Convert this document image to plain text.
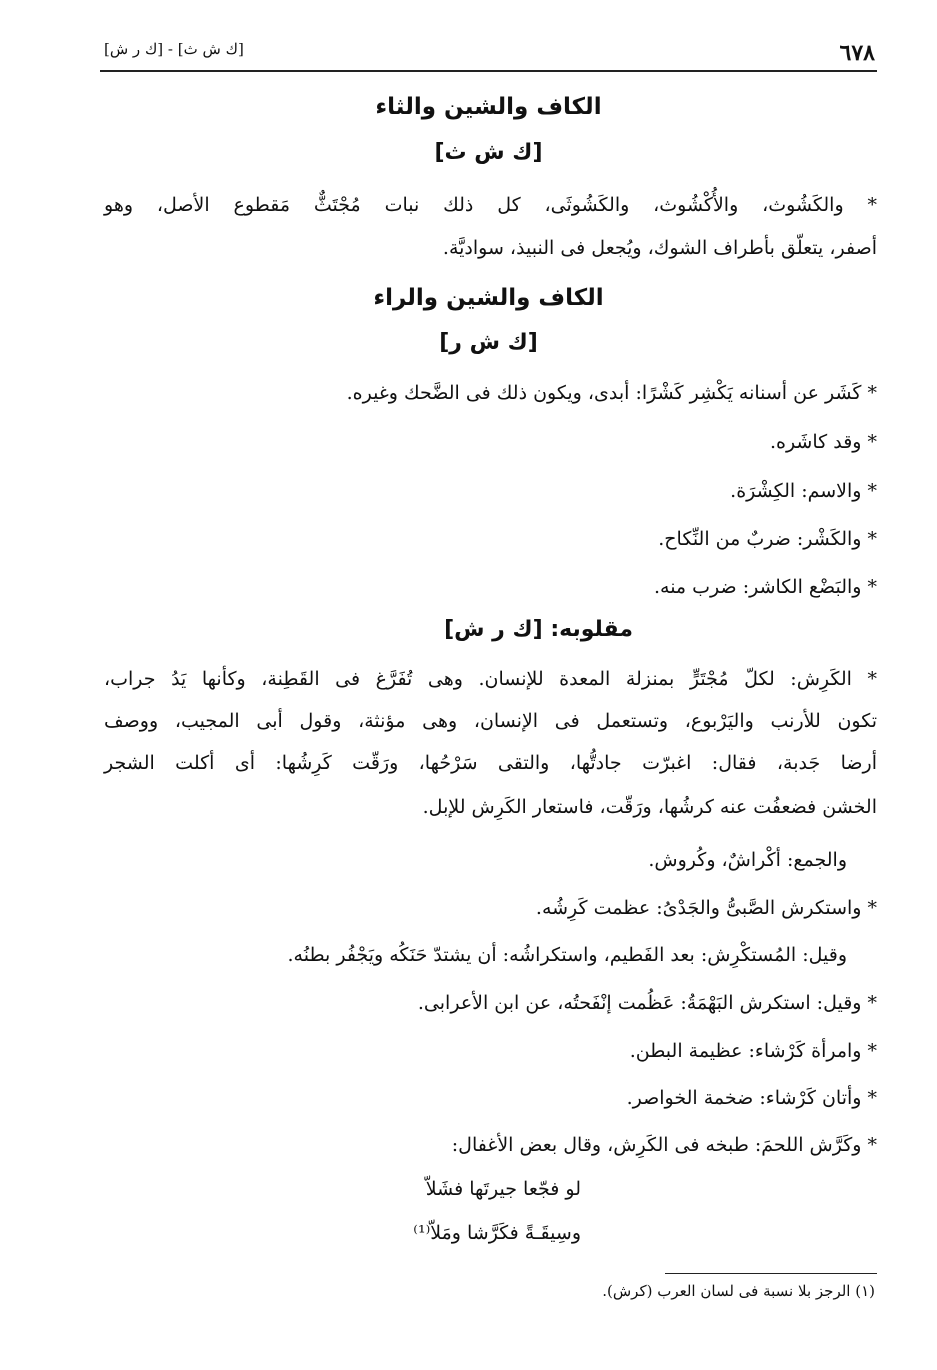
٦٧٨
[ك ش ث] - [ك ر ش]
الكاف والشين والثاء
[ك ش ث]
* والكَشُوث، والأُكْشُوث، والكَشُوثَى، كل ذلك نبات مُجْتَثٌّ مَقطوع الأصل، وهو
أصفر، يتعلّق بأطراف الشوك، ويُجعل فى النبيذ، سواديَّة.
الكاف والشين والراء
[ك ش ر]
* كَشَر عن أسنانه يَكْشِر كَشْرًا: أبدى، ويكون ذلك فى الضَّحك وغيره.
* وقد كاشَره.
* والاسم: الكِشْرَة.
* والكَشْر: ضربٌ من النِّكاح.
* والبَضْع الكاشر: ضرب منه.
مقلوبه: [ك ر ش]
* الكَرِش: لكلّ مُجْتَرٍّ بمنزلة المعدة للإنسان. وهى تُفَرَّغ فى القَطِنة، وكأنها يَدُ جراب،
تكون للأرنب واليَرْبوع، وتستعمل فى الإنسان، وهى مؤنثة، وقول أبى المجيب، ووصف
أرضا جَدبة، فقال: اغبرّت جادتُّها، والتقى سَرْحُها، ورَقّت كَرِشُها: أى أكلت الشجر
الخشن فضعفُت عنه كرشُها، ورَقّت، فاستعار الكَرِش للإبل.
والجمع: أكْراشٌ، وكُروش.
* واستكرش الصَّبىُّ والجَدْىُ: عظمت كَرِشُه.
وقيل: المُستكْرِش: بعد الفَطيم، واستكراشُه: أن يشتدّ حَنَكُه ويَجْفُر بطنُه.
* وقيل: استكرش البَهْمَةُ: عَظُمت إنْفَحتُه، عن ابن الأعرابى.
* وامرأة كَرْشاء: عظيمة البطن.
* وأتان كَرْشاء: ضخمة الخواصر.
* وكَرَّش اللحمَ: طبخه فى الكَرِش، وقال بعض الأغفال:
لو فجّعا جيرتَها فشَلاّ
وسِيقَـةً فكَرَّشا ومَلاّ⁽¹⁾
(١) الرجز بلا نسبة فى لسان العرب (كرش).
